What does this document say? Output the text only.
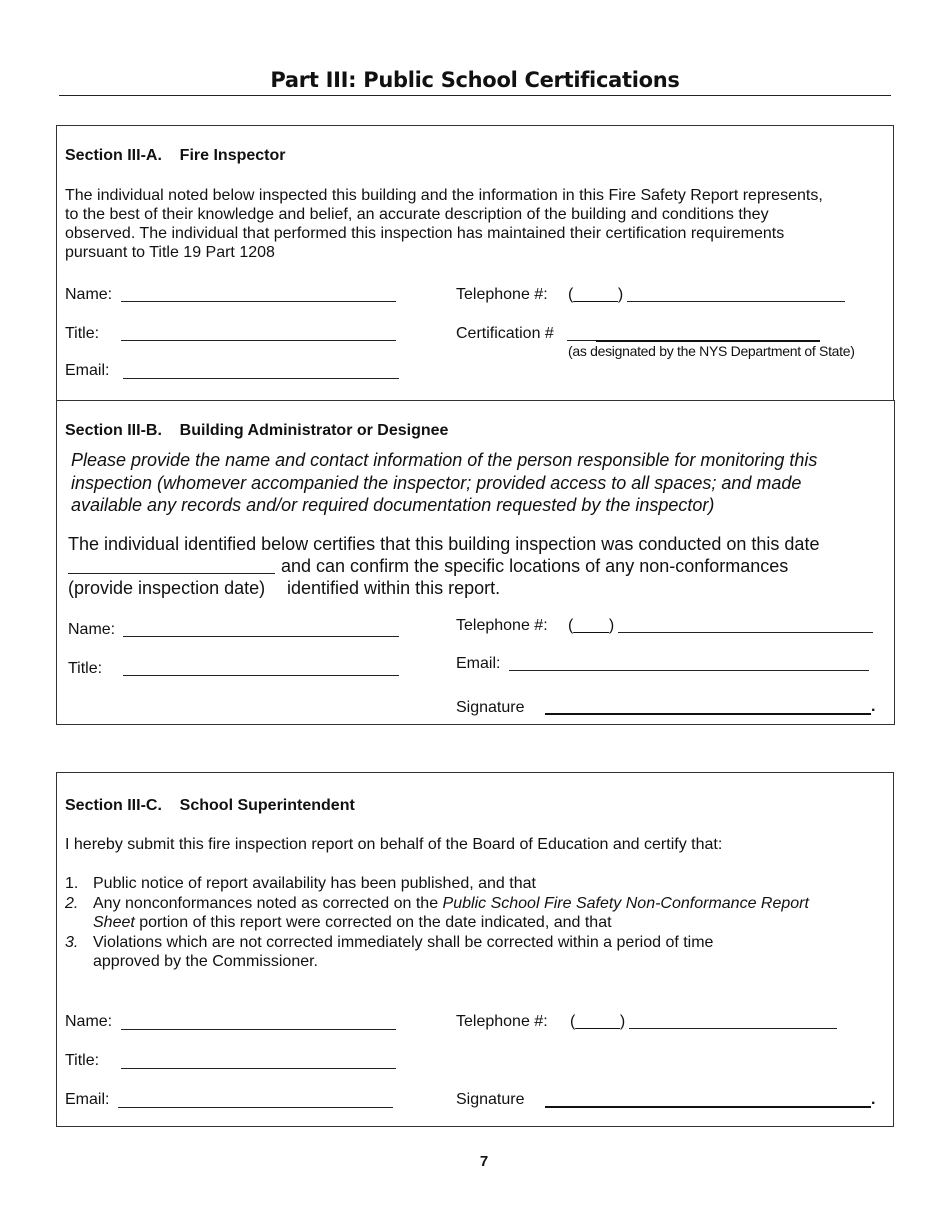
Part III: Public School Certifications
Section III-A.    Fire Inspector
The individual noted below inspected this building and the information in this Fire Safety Report represents,
to the best of their knowledge and belief, an accurate description of the building and conditions they
observed. The individual that performed this inspection has maintained their certification requirements
pursuant to Title 19 Part 1208
Name:	Telephone #: (_____)
Title:	Certification #
(as designated by the NYS Department of State)
Email:
Section III-B.    Building Administrator or Designee
Please provide the name and contact information of the person responsible for monitoring this
inspection (whomever accompanied the inspector; provided access to all spaces; and made
available any records and/or required documentation requested by the inspector)
The individual identified below certifies that this building inspection was conducted on this date
and can confirm the specific locations of any non-conformances
(provide inspection date) identified within this report.
Name:	Telephone #: (____)
Title:	Email:
Signature	.
Section III-C.    School Superintendent
I hereby submit this fire inspection report on behalf of the Board of Education and certify that:
1. Public notice of report availability has been published, and that
2. Any nonconformances noted as corrected on the Public School Fire Safety Non-Conformance Report
Sheet portion of this report were corrected on the date indicated, and that
3. Violations which are not corrected immediately shall be corrected within a period of time
approved by the Commissioner.
Name:	Telephone #: (_____)
Title:
Email:	Signature	.
7
